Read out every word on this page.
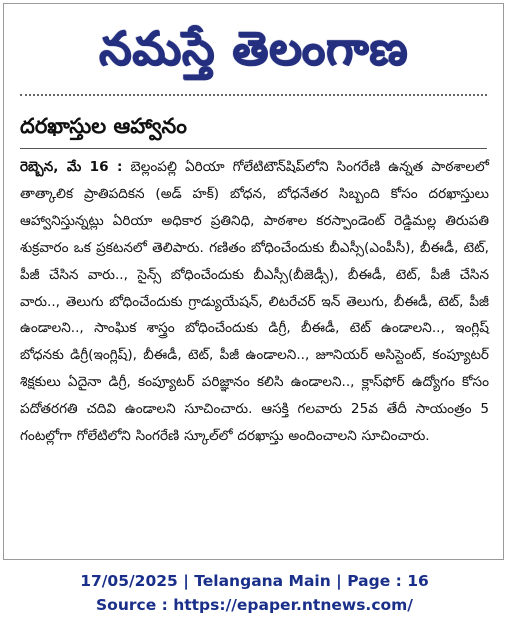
నమస్తే తెలంగాణ
దరఖాస్తుల ఆహ్వానం
రెబ్బెన, మే 16 : బెల్లంపల్లి ఏరియా గోలేటిటౌన్‌షిప్‌లోని సింగరేణి ఉన్నత పాఠశాలలో తాత్కాలిక ప్రాతిపదికన (అడ్ హక్) బోధన, బోధనేతర సిబ్బంది కోసం దరఖాస్తులు ఆహ్వానిస్తున్నట్లు ఏరియా అధికార ప్రతినిధి, పాఠశాల కరస్పాండెంట్ రెడ్డిమల్ల తిరుపతి శుక్రవారం ఒక ప్రకటనలో తెలిపారు. గణితం బోధించేందుకు బీఎస్సీ(ఎంపీసీ), బీఈడీ, టెట్, పీజీ చేసిన వారు.., సైన్స్ బోధించేందుకు బీఎస్సీ(బీజెడ్సీ), బీఈడీ, టెట్, పీజీ చేసిన వారు.., తెలుగు బోధించేందుకు గ్రాడ్యుయేషన్, లిటరేచర్ ఇన్ తెలుగు, బీఈడీ, టెట్, పీజీ ఉండాలని.., సాంఘిక శాస్త్రం బోధించేందుకు డిగ్రీ, బీఈడీ, టెట్ ఉండాలని.., ఇంగ్లిష్ బోధనకు డిగ్రీ(ఇంగ్లిష్), బీఈడీ, టెట్, పీజీ ఉండాలని.., జూనియర్ అసిస్టెంట్, కంప్యూటర్ శిక్షకులు ఏదైనా డిగ్రీ, కంప్యూటర్ పరిజ్ఞానం కలిసి ఉండాలని.., క్లాస్‌ఫోర్ ఉద్యోగం కోసం పదోతరగతి చదివి ఉండాలని సూచించారు. ఆసక్తి గలవారు 25వ తేదీ సాయంత్రం 5 గంటల్లోగా గోలేటిలోని సింగరేణి స్కూల్‌లో దరఖాస్తు అందించాలని సూచించారు.
17/05/2025 | Telangana Main | Page : 16
Source : https://epaper.ntnews.com/
